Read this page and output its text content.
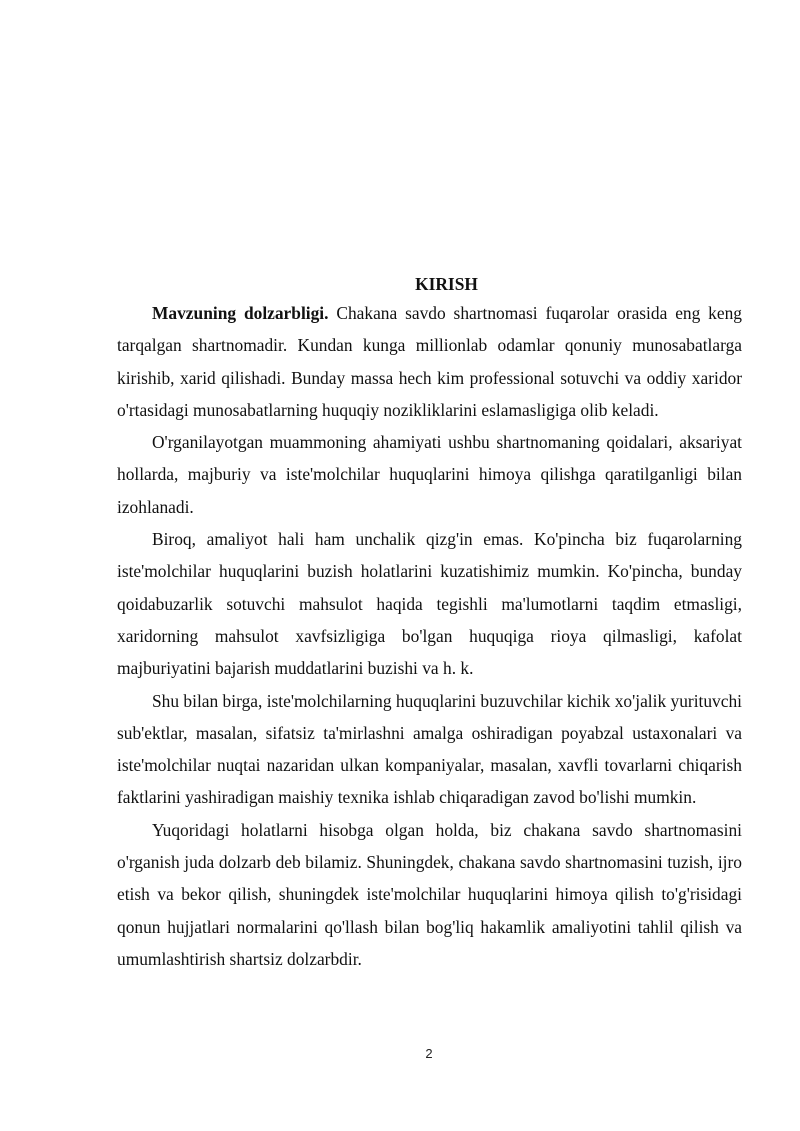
KIRISH

Mavzuning dolzarbligi. Chakana savdo shartnomasi fuqarolar orasida eng keng tarqalgan shartnomadir. Kundan kunga millionlab odamlar qonuniy munosabatlarga kirishib, xarid qilishadi. Bunday massa hech kim professional sotuvchi va oddiy xaridor o'rtasidagi munosabatlarning huquqiy nozikliklarini eslamasligiga olib keladi.

O'rganilayotgan muammoning ahamiyati ushbu shartnomaning qoidalari, aksariyat hollarda, majburiy va iste'molchilar huquqlarini himoya qilishga qaratilganligi bilan izohlanadi.

Biroq, amaliyot hali ham unchalik qizg'in emas. Ko'pincha biz fuqarolarning iste'molchilar huquqlarini buzish holatlarini kuzatishimiz mumkin. Ko'pincha, bunday qoidabuzarlik sotuvchi mahsulot haqida tegishli ma'lumotlarni taqdim etmasligi, xaridorning mahsulot xavfsizligiga bo'lgan huquqiga rioya qilmasligi, kafolat majburiyatini bajarish muddatlarini buzishi va h. k.

Shu bilan birga, iste'molchilarning huquqlarini buzuvchilar kichik xo'jalik yurituvchi sub'ektlar, masalan, sifatsiz ta'mirlashni amalga oshiradigan poyabzal ustaxonalari va iste'molchilar nuqtai nazaridan ulkan kompaniyalar, masalan, xavfli tovarlarni chiqarish faktlarini yashiradigan maishiy texnika ishlab chiqaradigan zavod bo'lishi mumkin.

Yuqoridagi holatlarni hisobga olgan holda, biz chakana savdo shartnomasini o'rganish juda dolzarb deb bilamiz. Shuningdek, chakana savdo shartnomasini tuzish, ijro etish va bekor qilish, shuningdek iste'molchilar huquqlarini himoya qilish to'g'risidagi qonun hujjatlari normalarini qo'llash bilan bog'liq hakamlik amaliyotini tahlil qilish va umumlashtirish shartsiz dolzarbdir.

2
